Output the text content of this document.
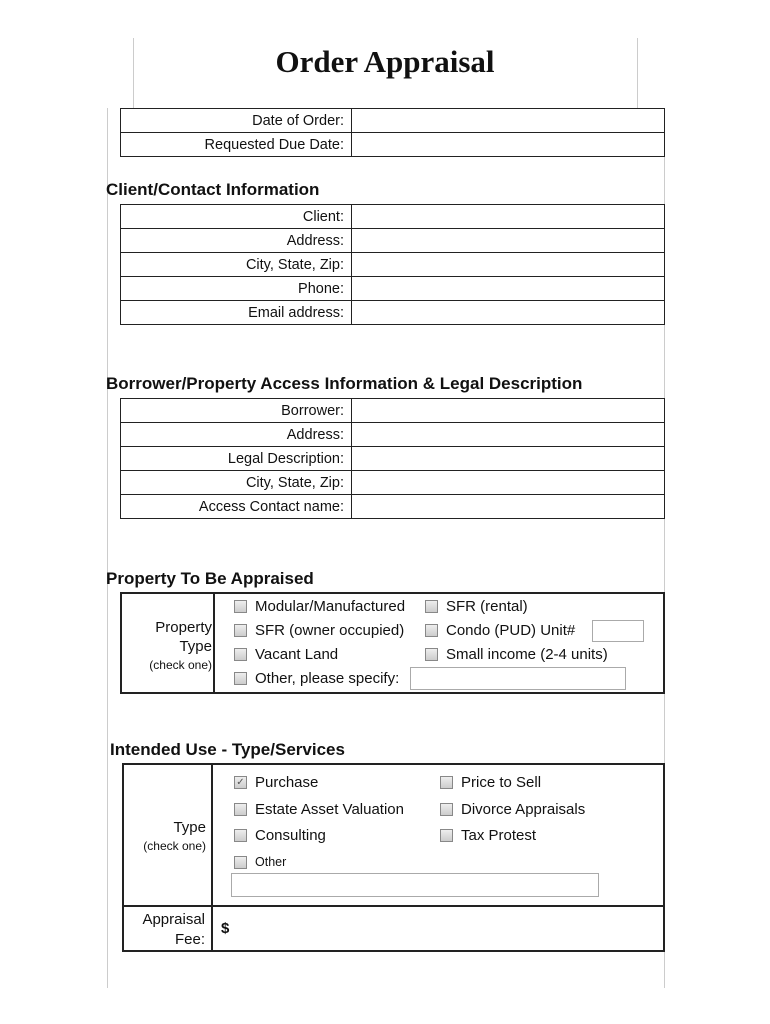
Order Appraisal
Date of Order:	
Requested Due Date:	
Client/Contact Information
Client:	
Address:	
City, State, Zip:	
Phone:	
Email address:	
Borrower/Property Access Information & Legal Description
Borrower:	
Address:	
Legal Description:	
City, State, Zip:	
Access Contact name:	
Property To Be Appraised
Property
Type
(check one)
Modular/Manufactured	SFR (rental)
SFR (owner occupied)	Condo (PUD) Unit#
Vacant Land	Small income (2-4 units)
Other, please specify:
Intended Use - Type/Services
Type
(check one)
✓ Purchase	Price to Sell
Estate Asset Valuation	Divorce Appraisals
Consulting	Tax Protest
Other
Appraisal
Fee:
$
